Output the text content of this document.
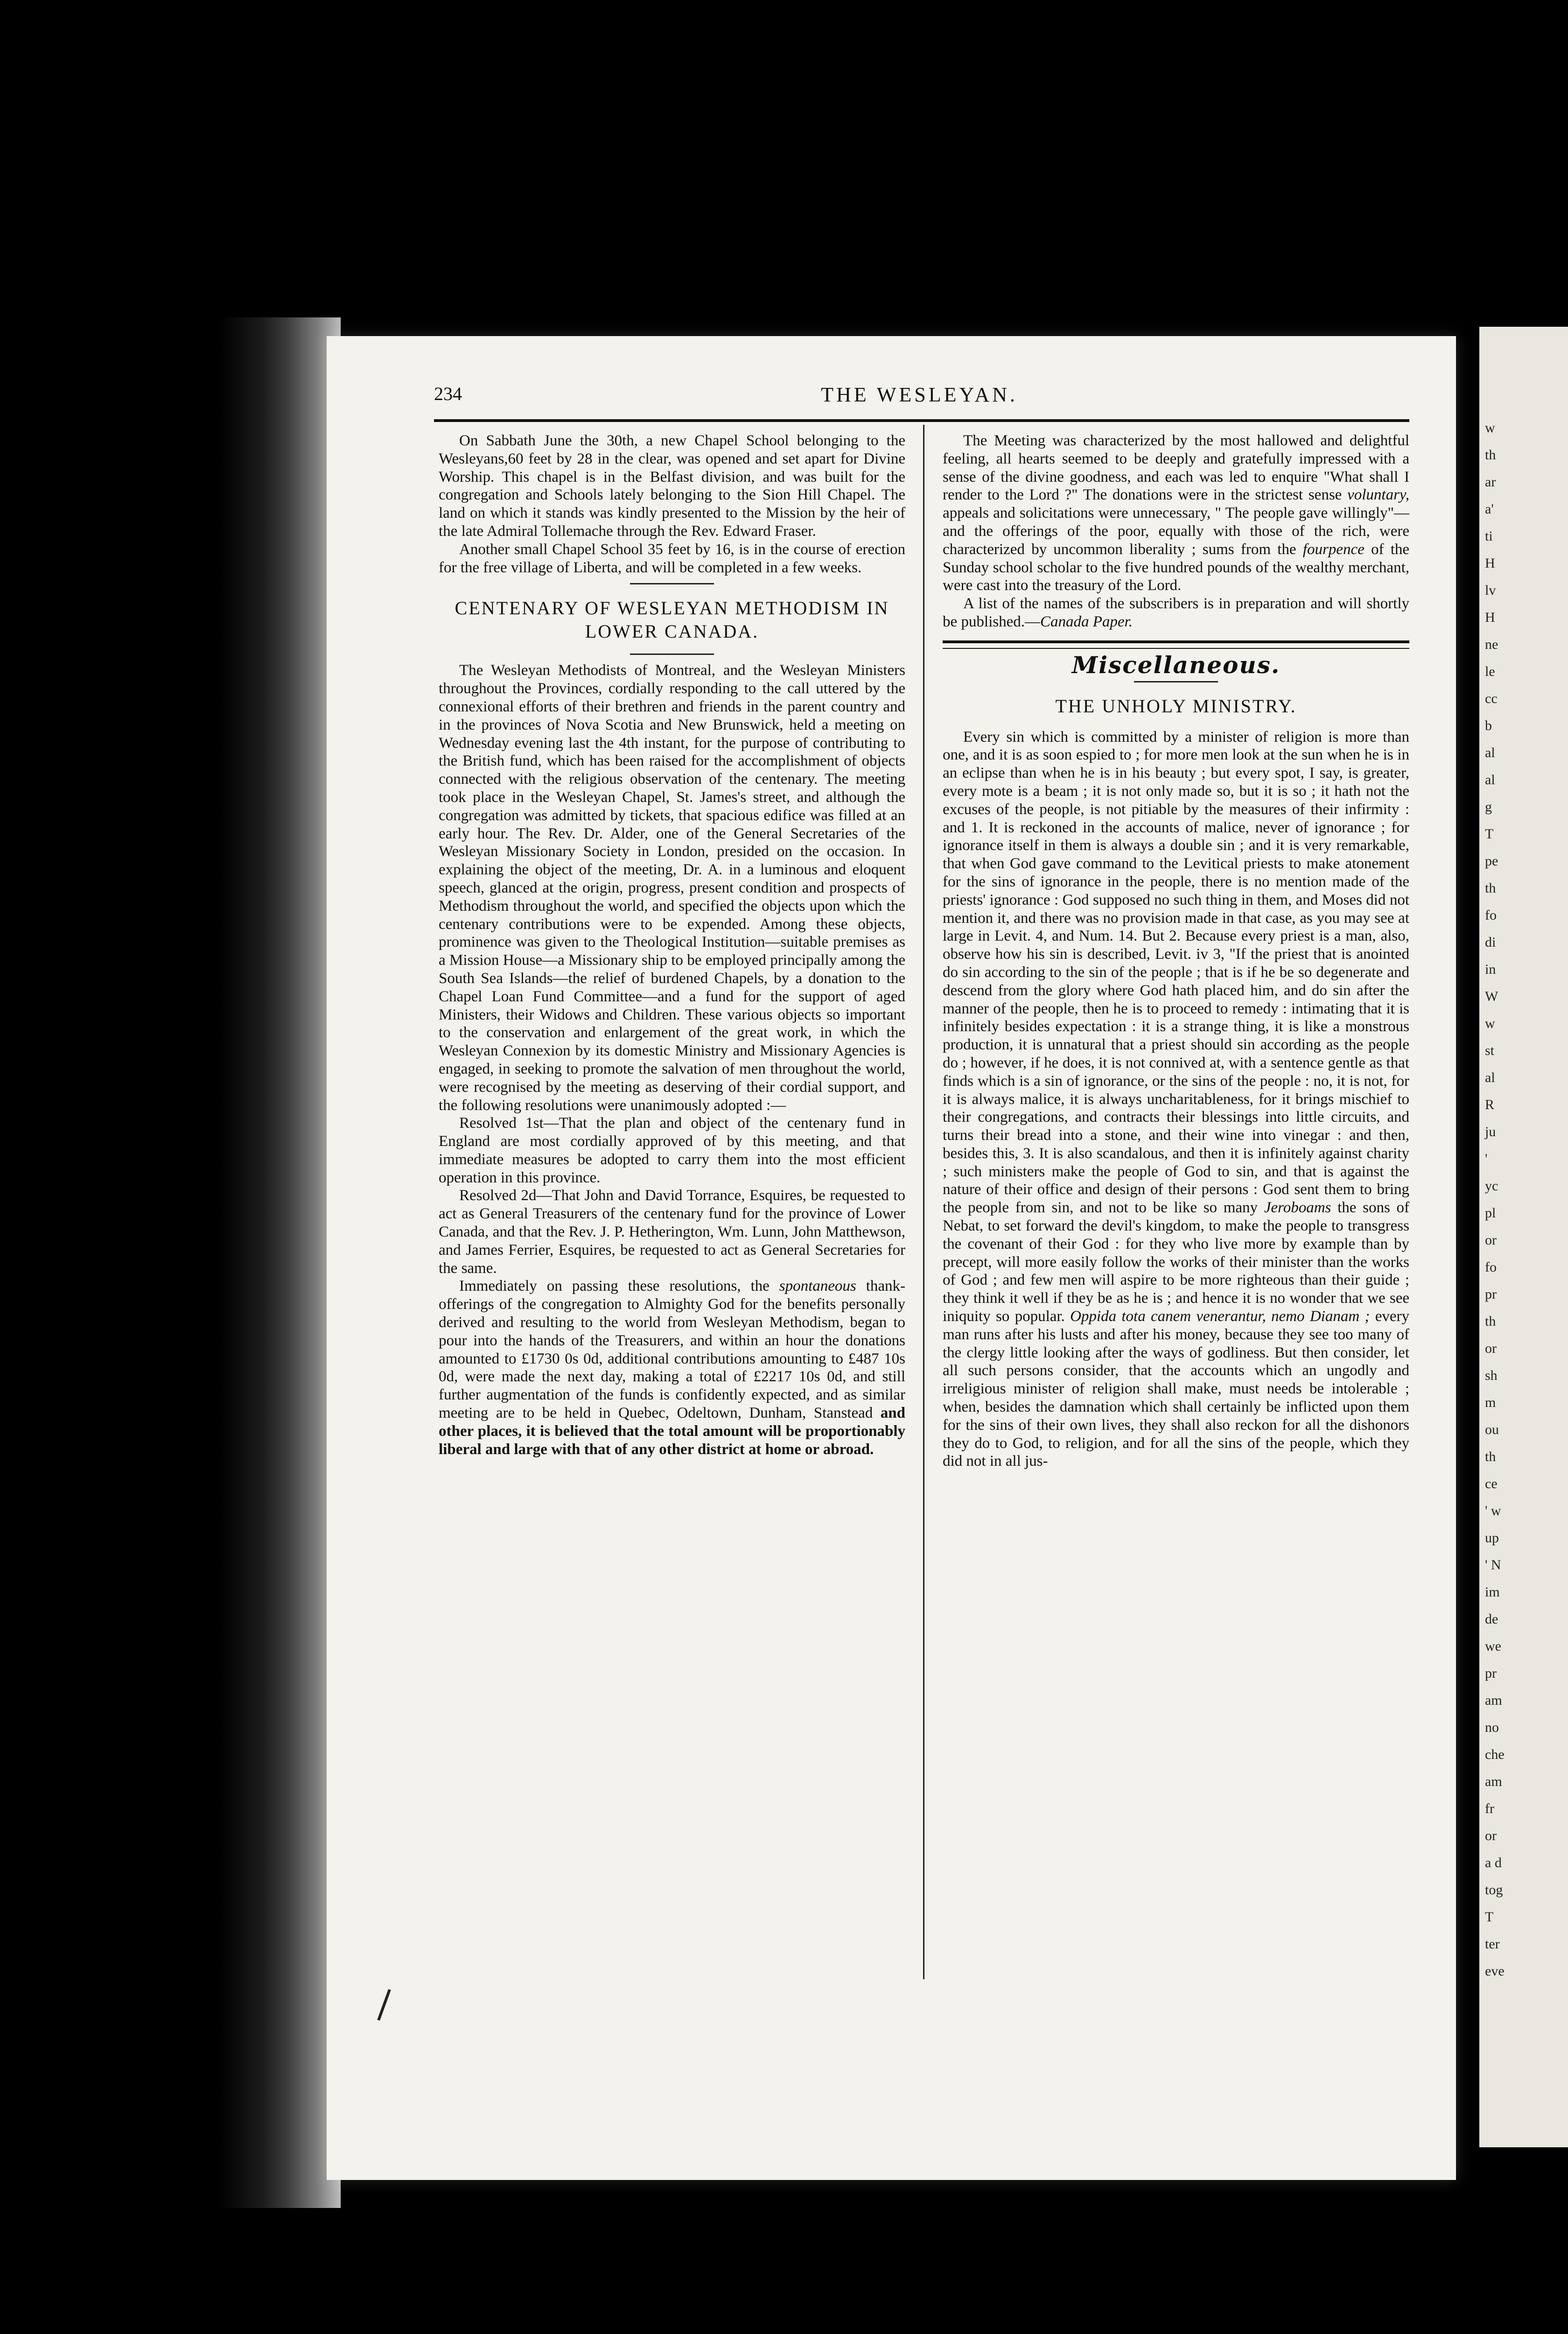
234	THE WESLEYAN.

On Sabbath June the 30th, a new Chapel School belonging to the Wesleyans,60 feet by 28 in the clear, was opened and set apart for Divine Worship. This chapel is in the Belfast division, and was built for the congregation and Schools lately belonging to the Sion Hill Chapel. The land on which it stands was kindly presented to the Mission by the heir of the late Admiral Tollemache through the Rev. Edward Fraser.

Another small Chapel School 35 feet by 16, is in the course of erection for the free village of Liberta, and will be completed in a few weeks.

CENTENARY OF WESLEYAN METHODISM IN LOWER CANADA.

The Wesleyan Methodists of Montreal, and the Wesleyan Ministers throughout the Provinces, cordially responding to the call uttered by the connexional efforts of their brethren and friends in the parent country and in the provinces of Nova Scotia and New Brunswick, held a meeting on Wednesday evening last the 4th instant, for the purpose of contributing to the British fund, which has been raised for the accomplishment of objects connected with the religious observation of the centenary. The meeting took place in the Wesleyan Chapel, St. James's street, and although the congregation was admitted by tickets, that spacious edifice was filled at an early hour. The Rev. Dr. Alder, one of the General Secretaries of the Wesleyan Missionary Society in London, presided on the occasion. In explaining the object of the meeting, Dr. A. in a luminous and eloquent speech, glanced at the origin, progress, present condition and prospects of Methodism throughout the world, and specified the objects upon which the centenary contributions were to be expended. Among these objects, prominence was given to the Theological Institution—suitable premises as a Mission House—a Missionary ship to be employed principally among the South Sea Islands—the relief of burdened Chapels, by a donation to the Chapel Loan Fund Committee—and a fund for the support of aged Ministers, their Widows and Children. These various objects so important to the conservation and enlargement of the great work, in which the Wesleyan Connexion by its domestic Ministry and Missionary Agencies is engaged, in seeking to promote the salvation of men throughout the world, were recognised by the meeting as deserving of their cordial support, and the following resolutions were unanimously adopted :—

Resolved 1st—That the plan and object of the centenary fund in England are most cordially approved of by this meeting, and that immediate measures be adopted to carry them into the most efficient operation in this province.

Resolved 2d—That John and David Torrance, Esquires, be requested to act as General Treasurers of the centenary fund for the province of Lower Canada, and that the Rev. J. P. Hetherington, Wm. Lunn, John Matthewson, and James Ferrier, Esquires, be requested to act as General Secretaries for the same.

Immediately on passing these resolutions, the spontaneous thank-offerings of the congregation to Almighty God for the benefits personally derived and resulting to the world from Wesleyan Methodism, began to pour into the hands of the Treasurers, and within an hour the donations amounted to £1730 0s 0d, additional contributions amounting to £487 10s 0d, were made the next day, making a total of £2217 10s 0d, and still further augmentation of the funds is confidently expected, and as similar meeting are to be held in Quebec, Odeltown, Dunham, Stanstead and other places, it is believed that the total amount will be proportionably liberal and large with that of any other district at home or abroad.

The Meeting was characterized by the most hallowed and delightful feeling, all hearts seemed to be deeply and gratefully impressed with a sense of the divine goodness, and each was led to enquire "What shall I render to the Lord ?" The donations were in the strictest sense voluntary, appeals and solicitations were unnecessary, " The people gave willingly"—and the offerings of the poor, equally with those of the rich, were characterized by uncommon liberality ; sums from the fourpence of the Sunday school scholar to the five hundred pounds of the wealthy merchant, were cast into the treasury of the Lord.

A list of the names of the subscribers is in preparation and will shortly be published.—Canada Paper.

Miscellaneous.
THE UNHOLY MINISTRY.

Every sin which is committed by a minister of religion is more than one, and it is as soon espied to ; for more men look at the sun when he is in an eclipse than when he is in his beauty ; but every spot, I say, is greater, every mote is a beam ; it is not only made so, but it is so ; it hath not the excuses of the people, is not pitiable by the measures of their infirmity : and 1. It is reckoned in the accounts of malice, never of ignorance ; for ignorance itself in them is always a double sin ; and it is very remarkable, that when God gave command to the Levitical priests to make atonement for the sins of ignorance in the people, there is no mention made of the priests' ignorance : God supposed no such thing in them, and Moses did not mention it, and there was no provision made in that case, as you may see at large in Levit. 4, and Num. 14. But 2. Because every priest is a man, also, observe how his sin is described, Levit. iv 3, "If the priest that is anointed do sin according to the sin of the people ; that is if he be so degenerate and descend from the glory where God hath placed him, and do sin after the manner of the people, then he is to proceed to remedy : intimating that it is infinitely besides expectation : it is a strange thing, it is like a monstrous production, it is unnatural that a priest should sin according as the people do ; however, if he does, it is not connived at, with a sentence gentle as that finds which is a sin of ignorance, or the sins of the people : no, it is not, for it is always malice, it is always uncharitableness, for it brings mischief to their congregations, and contracts their blessings into little circuits, and turns their bread into a stone, and their wine into vinegar : and then, besides this, 3. It is also scandalous, and then it is infinitely against charity ; such ministers make the people of God to sin, and that is against the nature of their office and design of their persons : God sent them to bring the people from sin, and not to be like so many Jeroboams the sons of Nebat, to set forward the devil's kingdom, to make the people to transgress the covenant of their God : for they who live more by example than by precept, will more easily follow the works of their minister than the works of God ; and few men will aspire to be more righteous than their guide ; they think it well if they be as he is ; and hence it is no wonder that we see iniquity so popular. Oppida tota canem venerantur, nemo Dianam ; every man runs after his lusts and after his money, because they see too many of the clergy little looking after the ways of godliness. But then consider, let all such persons consider, that the accounts which an ungodly and irreligious minister of religion shall make, must needs be intolerable ; when, besides the damnation which shall certainly be inflicted upon them for the sins of their own lives, they shall also reckon for all the dishonors they do to God, to religion, and for all the sins of the people, which they did not in all jus-

w
th
ar
a'
ti
H
lv
H
ne
le
cc
b
al
al
g
T
pe
th
fo
di
in
W
w
st
al
R
ju
'
yc
pl
or
fo
pr
th
or
sh
m
ou
th
ce
' w
up
' N
im
de
we
pr
am
no
che
am
fr
or
a d
tog
T
ter
eve
